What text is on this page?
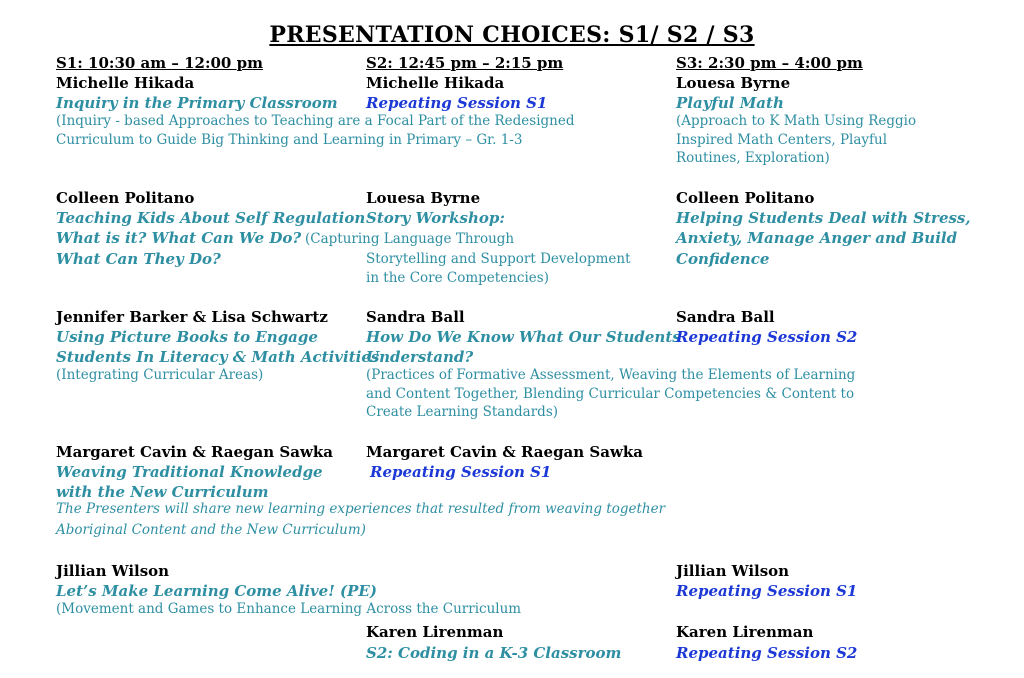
PRESENTATION CHOICES: S1/ S2 / S3
S1: 10:30 am – 12:00 pm	S2: 12:45 pm – 2:15 pm	S3: 2:30 pm – 4:00 pm
Michelle Hikada
Inquiry in the Primary Classroom
(Inquiry - based Approaches to Teaching are a Focal Part of the Redesigned
Curriculum to Guide Big Thinking and Learning in Primary – Gr. 1-3
Michelle Hikada
Repeating Session S1
Louesa Byrne
Playful Math
(Approach to K Math Using Reggio
Inspired Math Centers, Playful
Routines, Exploration)
Colleen Politano
Teaching Kids About Self Regulation
What is it? What Can We Do?
What Can They Do?
Louesa Byrne
Story Workshop:
(Capturing Language Through
Storytelling and Support Development
in the Core Competencies)
Colleen Politano
Helping Students Deal with Stress,
Anxiety, Manage Anger and Build
Confidence
Jennifer Barker & Lisa Schwartz
Using Picture Books to Engage
Students In Literacy & Math Activities
(Integrating Curricular Areas)
Sandra Ball
How Do We Know What Our Students
Understand?
(Practices of Formative Assessment, Weaving the Elements of Learning
and Content Together, Blending Curricular Competencies & Content to
Create Learning Standards)
Sandra Ball
Repeating Session S2
Margaret Cavin & Raegan Sawka
Weaving Traditional Knowledge
with the New Curriculum
The Presenters will share new learning experiences that resulted from weaving together
Aboriginal Content and the New Curriculum)
Margaret Cavin & Raegan Sawka
Repeating Session S1
Jillian Wilson
Let’s Make Learning Come Alive! (PE)
(Movement and Games to Enhance Learning Across the Curriculum
Jillian Wilson
Repeating Session S1
Karen Lirenman
S2: Coding in a K-3 Classroom
Karen Lirenman
Repeating Session S2
